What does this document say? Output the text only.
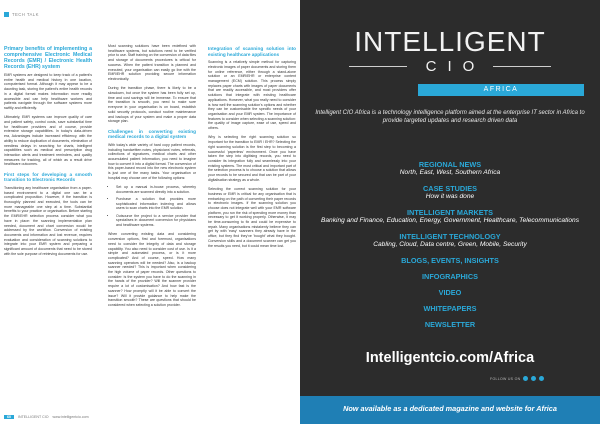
TECH TALK
Primary benefits of implementing a comprehensive Electronic Medical Records (EMR) / Electronic Health Records (EHR) system

EMR systems are designed to keep track of a patient's entire health and medical history in one location, computerised format. Although it may appear to be a daunting task, storing the patient's entire health records in a digital format makes information more readily accessible and can help healthcare workers and patients navigate through the software systems more swiftly and efficiently.

Ultimately, EMR systems can improve quality of care and patient safety, control costs, save substantial time for healthcare providers and of course, provide extensive storage capabilities. In today's data-driven era, Advantages include increased efficiency, with the ability to reduce duplication of documents, elimination of needless delays in searching for charts, intelligent capabilities such as medical and prescription drug interaction alerts and treatment reminders, and quality measures for tracking, all of which as a result drive healthcare outcomes.

First steps for developing a smooth transition to Electronic Records

Transitioning any healthcare organisation from a paper-based environment to a digital one can be a complicated proposition. However, if the transition is thoroughly planned and executed, the tools can be more manageable one step at a time. Substantial benefits to your practice or organisation. Before starting the EMR/EHR selection process consider what you have in place: the scanning implementation plan needed, document and chart conversion would be addressed by the workflow. Conversion of existing documents and information and lost revenue, requires evaluation and consideration of scanning solutions to integrate into your EMR system and preparing a significant amount of documents that need to be stored with the sole purpose of retrieving documents for use.

Most scanning solutions have been redefined with healthcare systems, but solutions need to be verified prior to use. Staff training on the conversion of data files and storage of documents procedures is critical for success. When the patient transition is planned and executed, your organisation can easily go live with the EMR/EHR solution providing secure information electronically.

During the transition phase, there is likely to be a slowdown, but once the system has been fully set up, time and cost savings will be immense. To ensure that the transition is smooth, you need to make sure everyone in your organisation is on board, establish solid security protocols, conduct routine maintenance and backups of your system and make a proper data storage plan.

Challenges in converting existing medical records to a digital system

With today's wide variety of hard copy patient records, including handwritten notes, physicians' notes, referrals, collections of signatures, medical charts and other accumulated patient information, you need to imagine how to convert it into a digital format. The conversion of this paper-based record into the new electronic system is just one of the many tasks. Your organisation or hospital may choose one of the following options:

• Set up a manual in-house process, whereby documents are scanned directly into a solution.
• Purchase a solution that provides more sophisticated information indexing and allows users to scan charts into the EMR solution.
• Outsource the project to a service provider that specialises in document conversion for physicians and healthcare systems.

When converting existing data and considering conversion options, first and foremost, organisations need to consider the integrity of data and storage capability. You also need to consider cost of use. Is it a simple and automated process, or is it more complicated? And of course, speed. How many scanning operators will be needed? Also, is a backup scanner needed? This is important when considering the high volume of paper records. Other questions to consider: is the system you have to do the scanning in the hands of the provider? Will the scanner provider require a lot of customisation? And how fast is the scanner? How promptly will it be able to convert the issue? Will it provide guidance to help make the transition smooth? These are questions that should be considered when selecting a solution provider.

Integration of scanning solution into existing healthcare applications

Scanning is a relatively simple method for capturing electronic images of paper documents and storing them for online reference, either through a stand-alone solution or an EMR/EHR or enterprise content management (ECM) solution. This process simply replaces paper charts with images of paper documents that are readily accessible, and most providers offer solutions that integrate with existing healthcare applications. However, what you really need to consider is how well the scanning solution's options and whether they can be customisable the specific needs of your organisation and your EMR system. The importance of features to consider when selecting a scanning solution: the quality of image capture, ease of use, speed and others.

Why is selecting the right scanning solution so important for the transition to EMR / EHR? Selecting the right scanning solution is the first step to becoming a successful 'paperless' environment. Once you have taken the step into digitising records, you need to consider its integration fully and seamlessly into your existing systems. The most critical and important part of the selection process is to choose a solution that allows your records to be secured and that can be part of your digitalisation strategy as a whole.

Selecting the correct scanning solution for your business or EMR is critical for any organisation that is embarking on the path of converting their paper records to electronic images. If the scanning solution you choose does not integrate well with your EMR software platform, you run the risk of spending more money than necessary to get it working properly. Otherwise, it may be time-consuming to fix and could be expensive to repair. Many organisations mistakenly believe they can get by with 'easy' scanners they already have in the office, but they find they've 'bought' what they bought. Conversion skills and a document scanner can get you the results you need, but it could mean time lost.

60	INTELLIGENT CIO www.intelligentcio.com
INTELLIGENT
CIO
AFRICA
Intelligent CIO Africa is a technology intelligence platform aimed at the enterprise IT sector in Africa to provide targeted updates and research driven data
REGIONAL NEWS
North, East, West, Southern Africa
CASE STUDIES
How it was done
INTELLIGENT MARKETS
Banking and Finance, Education, Energy, Government, Healthcare, Telecommunications
INTELLIGENT TECHNOLOGY
Cabling, Cloud, Data centre, Green, Mobile, Security
BLOGS, EVENTS, INSIGHTS
INFOGRAPHICS
VIDEO
WHITEPAPERS
NEWSLETTER
Intelligentcio.com/Africa
FOLLOW US ON
Now available as a dedicated magazine and website for Africa
